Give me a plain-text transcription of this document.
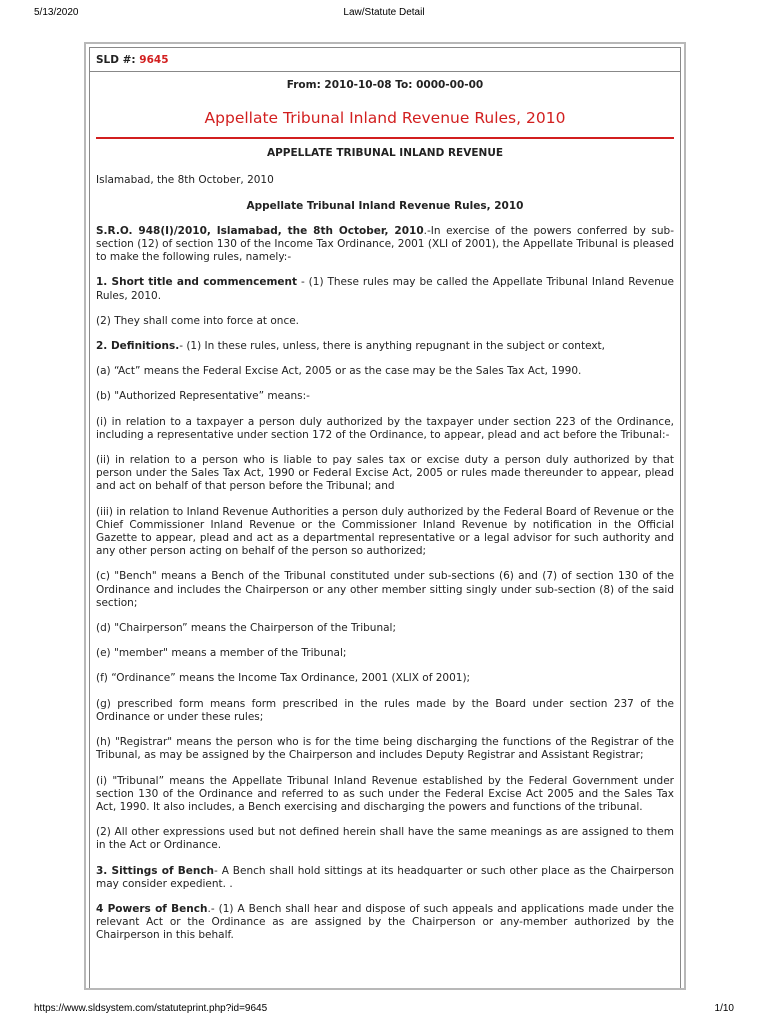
5/13/2020	Law/Statute Detail
SLD #: 9645
From: 2010-10-08 To: 0000-00-00
Appellate Tribunal Inland Revenue Rules, 2010
APPELLATE TRIBUNAL INLAND REVENUE

Islamabad, the 8th October, 2010

Appellate Tribunal Inland Revenue Rules, 2010

S.R.O. 948(I)/2010, Islamabad, the 8th October, 2010.-In exercise of the powers conferred by sub-section (12) of section 130 of the Income Tax Ordinance, 2001 (XLI of 2001), the Appellate Tribunal is pleased to make the following rules, namely:-

1. Short title and commencement - (1) These rules may be called the Appellate Tribunal Inland Revenue Rules, 2010.

(2) They shall come into force at once.

2. Definitions.- (1) In these rules, unless, there is anything repugnant in the subject or context,

(a) “Act” means the Federal Excise Act, 2005 or as the case may be the Sales Tax Act, 1990.

(b) "Authorized Representative” means:-

(i) in relation to a taxpayer a person duly authorized by the taxpayer under section 223 of the Ordinance, including a representative under section 172 of the Ordinance, to appear, plead and act before the Tribunal:-

(ii) in relation to a person who is liable to pay sales tax or excise duty a person duly authorized by that person under the Sales Tax Act, 1990 or Federal Excise Act, 2005 or rules made thereunder to appear, plead and act on behalf of that person before the Tribunal; and

(iii) in relation to Inland Revenue Authorities a person duly authorized by the Federal Board of Revenue or the Chief Commissioner Inland Revenue or the Commissioner Inland Revenue by notification in the Official Gazette to appear, plead and act as a departmental representative or a legal advisor for such authority and any other person acting on behalf of the person so authorized;

(c) "Bench" means a Bench of the Tribunal constituted under sub-sections (6) and (7) of section 130 of the Ordinance and includes the Chairperson or any other member sitting singly under sub-section (8) of the said section;

(d) "Chairperson” means the Chairperson of the Tribunal;

(e) "member" means a member of the Tribunal;

(f) “Ordinance” means the Income Tax Ordinance, 2001 (XLIX of 2001);

(g) prescribed form means form prescribed in the rules made by the Board under section 237 of the Ordinance or under these rules;

(h) "Registrar" means the person who is for the time being discharging the functions of the Registrar of the Tribunal, as may be assigned by the Chairperson and includes Deputy Registrar and Assistant Registrar;

(i) "Tribunal” means the Appellate Tribunal Inland Revenue established by the Federal Government under section 130 of the Ordinance and referred to as such under the Federal Excise Act 2005 and the Sales Tax Act, 1990. It also includes, a Bench exercising and discharging the powers and functions of the tribunal.

(2) All other expressions used but not defined herein shall have the same meanings as are assigned to them in the Act or Ordinance.

3. Sittings of Bench- A Bench shall hold sittings at its headquarter or such other place as the Chairperson may consider expedient. .

4 Powers of Bench.- (1) A Bench shall hear and dispose of such appeals and applications made under the relevant Act or the Ordinance as are assigned by the Chairperson or any-member authorized by the Chairperson in this behalf.

https://www.sldsystem.com/statuteprint.php?id=9645	1/10
